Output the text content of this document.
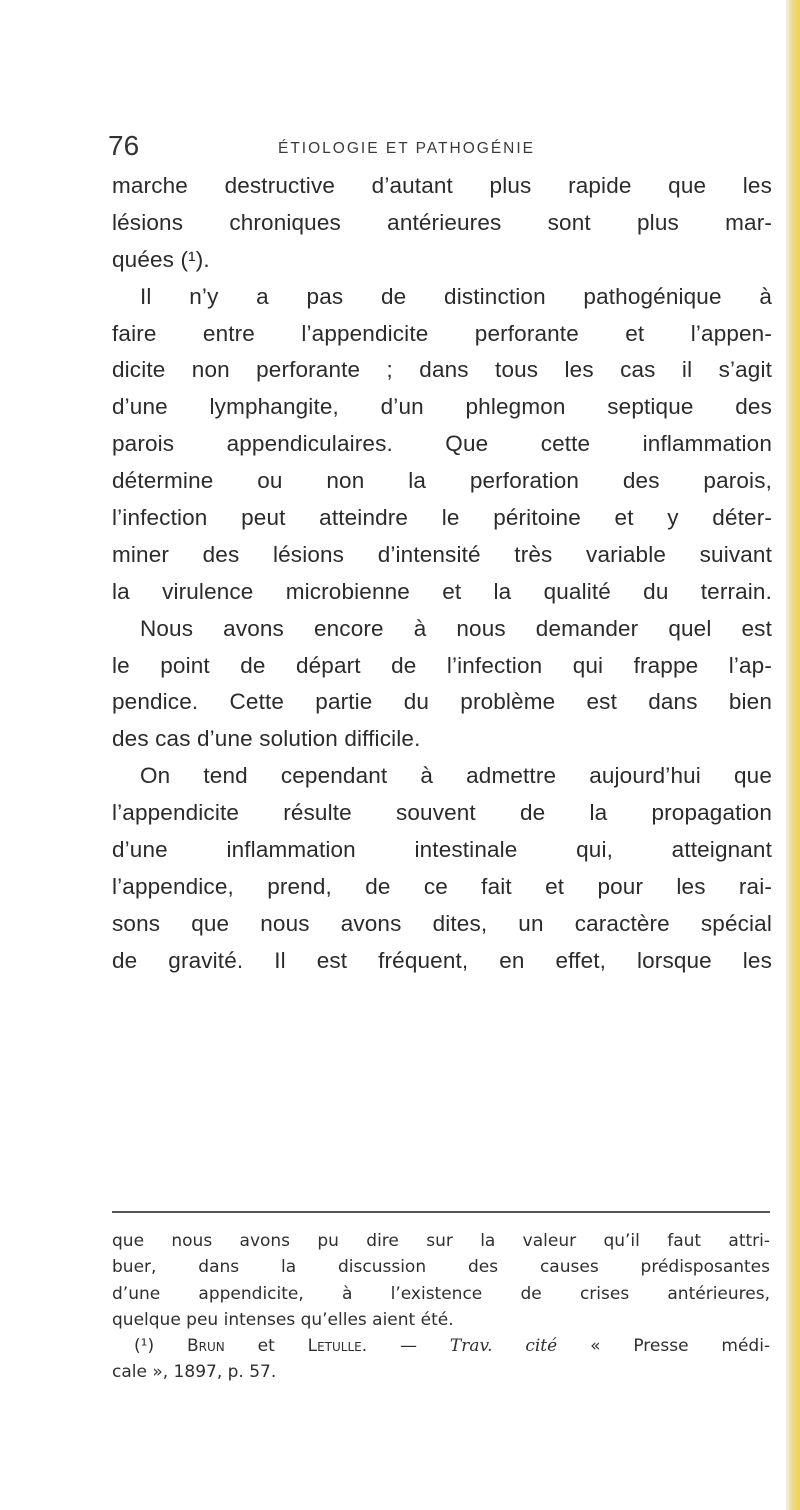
76	ÉTIOLOGIE ET PATHOGÉNIE
marche destructive d’autant plus rapide que les
lésions chroniques antérieures sont plus mar-
quées (¹).
Il n’y a pas de distinction pathogénique à
faire entre l’appendicite perforante et l’appen-
dicite non perforante ; dans tous les cas il s’agit
d’une lymphangite, d’un phlegmon septique des
parois appendiculaires. Que cette inflammation
détermine ou non la perforation des parois,
l’infection peut atteindre le péritoine et y déter-
miner des lésions d’intensité très variable suivant
la virulence microbienne et la qualité du terrain.
Nous avons encore à nous demander quel est
le point de départ de l’infection qui frappe l’ap-
pendice. Cette partie du problème est dans bien
des cas d’une solution difficile.
On tend cependant à admettre aujourd’hui que
l’appendicite résulte souvent de la propagation
d’une inflammation intestinale qui, atteignant
l’appendice, prend, de ce fait et pour les rai-
sons que nous avons dites, un caractère spécial
de gravité. Il est fréquent, en effet, lorsque les
que nous avons pu dire sur la valeur qu’il faut attri-
buer, dans la discussion des causes prédisposantes
d’une appendicite, à l’existence de crises antérieures,
quelque peu intenses qu’elles aient été.
(¹) Brun et Letulle. — Trav. cité « Presse médi-
cale », 1897, p. 57.
